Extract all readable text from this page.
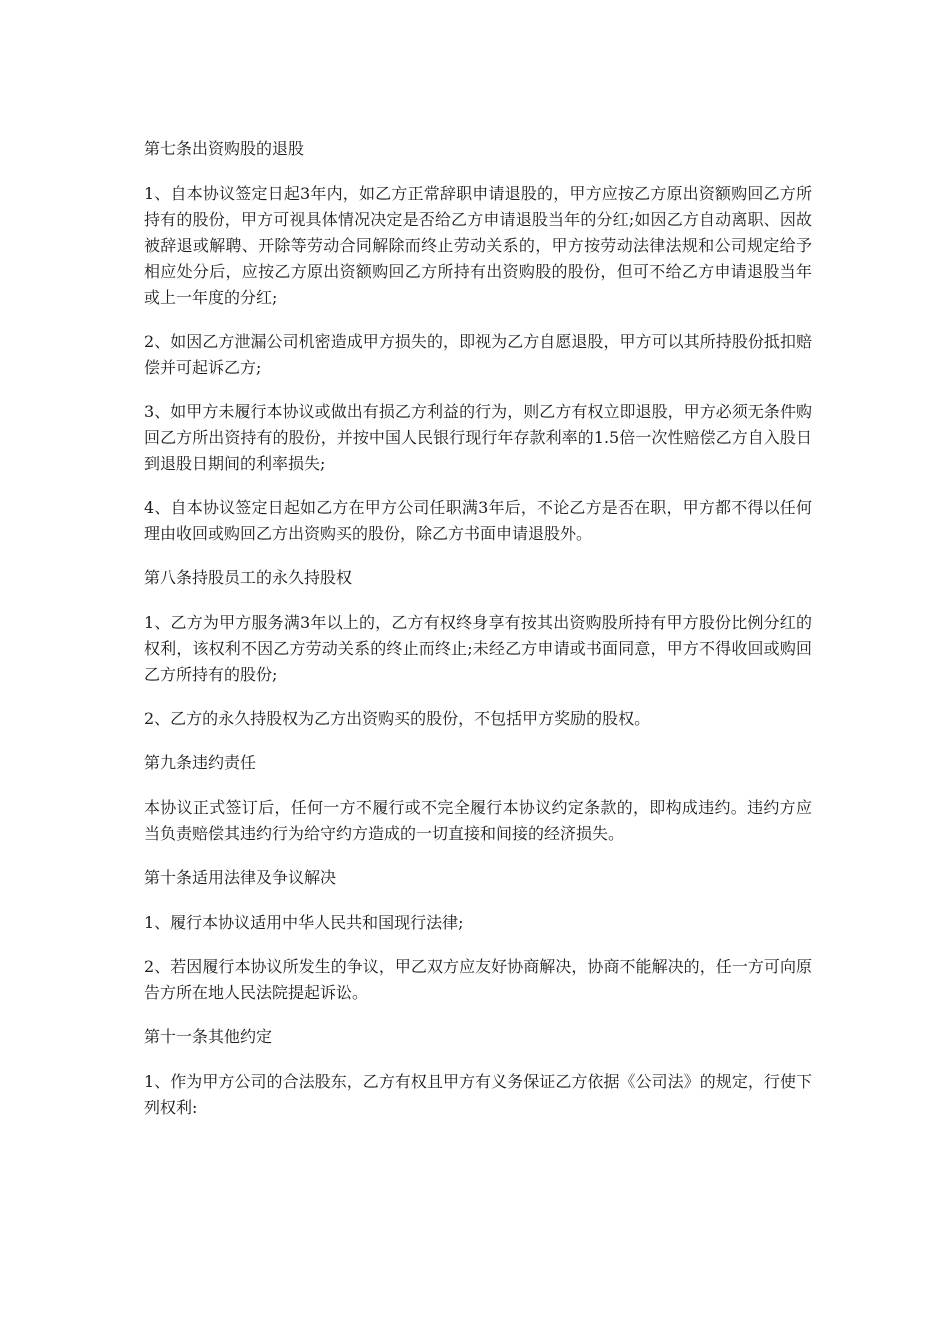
第七条出资购股的退股

1、自本协议签定日起3年内，如乙方正常辞职申请退股的，甲方应按乙方原出资额购回乙方所持有的股份，甲方可视具体情况决定是否给乙方申请退股当年的分红;如因乙方自动离职、因故被辞退或解聘、开除等劳动合同解除而终止劳动关系的，甲方按劳动法律法规和公司规定给予相应处分后，应按乙方原出资额购回乙方所持有出资购股的股份，但可不给乙方申请退股当年或上一年度的分红;

2、如因乙方泄漏公司机密造成甲方损失的，即视为乙方自愿退股，甲方可以其所持股份抵扣赔偿并可起诉乙方;

3、如甲方未履行本协议或做出有损乙方利益的行为，则乙方有权立即退股，甲方必须无条件购回乙方所出资持有的股份，并按中国人民银行现行年存款利率的1.5倍一次性赔偿乙方自入股日到退股日期间的利率损失;

4、自本协议签定日起如乙方在甲方公司任职满3年后，不论乙方是否在职，甲方都不得以任何理由收回或购回乙方出资购买的股份，除乙方书面申请退股外。

第八条持股员工的永久持股权

1、乙方为甲方服务满3年以上的，乙方有权终身享有按其出资购股所持有甲方股份比例分红的权利，该权利不因乙方劳动关系的终止而终止;未经乙方申请或书面同意，甲方不得收回或购回乙方所持有的股份;

2、乙方的永久持股权为乙方出资购买的股份，不包括甲方奖励的股权。

第九条违约责任

本协议正式签订后，任何一方不履行或不完全履行本协议约定条款的，即构成违约。违约方应当负责赔偿其违约行为给守约方造成的一切直接和间接的经济损失。

第十条适用法律及争议解决

1、履行本协议适用中华人民共和国现行法律;

2、若因履行本协议所发生的争议，甲乙双方应友好协商解决，协商不能解决的，任一方可向原告方所在地人民法院提起诉讼。

第十一条其他约定

1、作为甲方公司的合法股东，乙方有权且甲方有义务保证乙方依据《公司法》的规定，行使下列权利:
